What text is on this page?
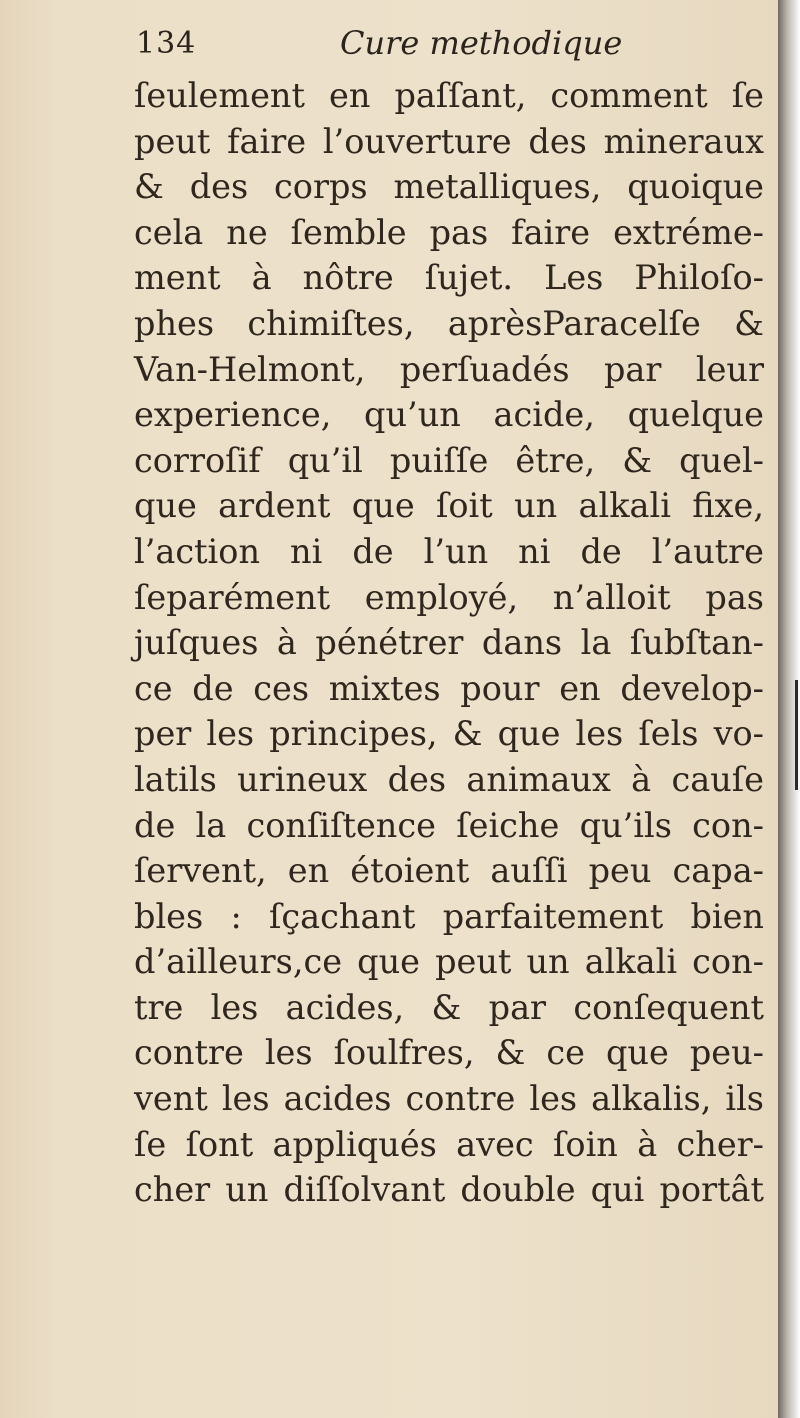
134	Cure methodique
ſeulement en paſſant, comment ſe
peut faire l’ouverture des mineraux
& des corps metalliques, quoique
cela ne ſemble pas faire extréme-
ment à nôtre ſujet. Les Philoſo-
phes chimiſtes, aprèsParacelſe &
Van-Helmont, perſuadés par leur
experience, qu’un acide, quelque
corroſif qu’il puiſſe être, & quel-
que ardent que ſoit un alkali fixe,
l’action ni de l’un ni de l’autre
ſeparément employé, n’alloit pas
juſques à pénétrer dans la ſubſtan-
ce de ces mixtes pour en develop-
per les principes, & que les ſels vo-
latils urineux des animaux à cauſe
de la conſiſtence ſeiche qu’ils con-
ſervent, en étoient auſſi peu capa-
bles : ſçachant parfaitement bien
d’ailleurs,ce que peut un alkali con-
tre les acides, & par conſequent
contre les ſoulfres, & ce que peu-
vent les acides contre les alkalis, ils
ſe ſont appliqués avec ſoin à cher-
cher un diſſolvant double qui portât
